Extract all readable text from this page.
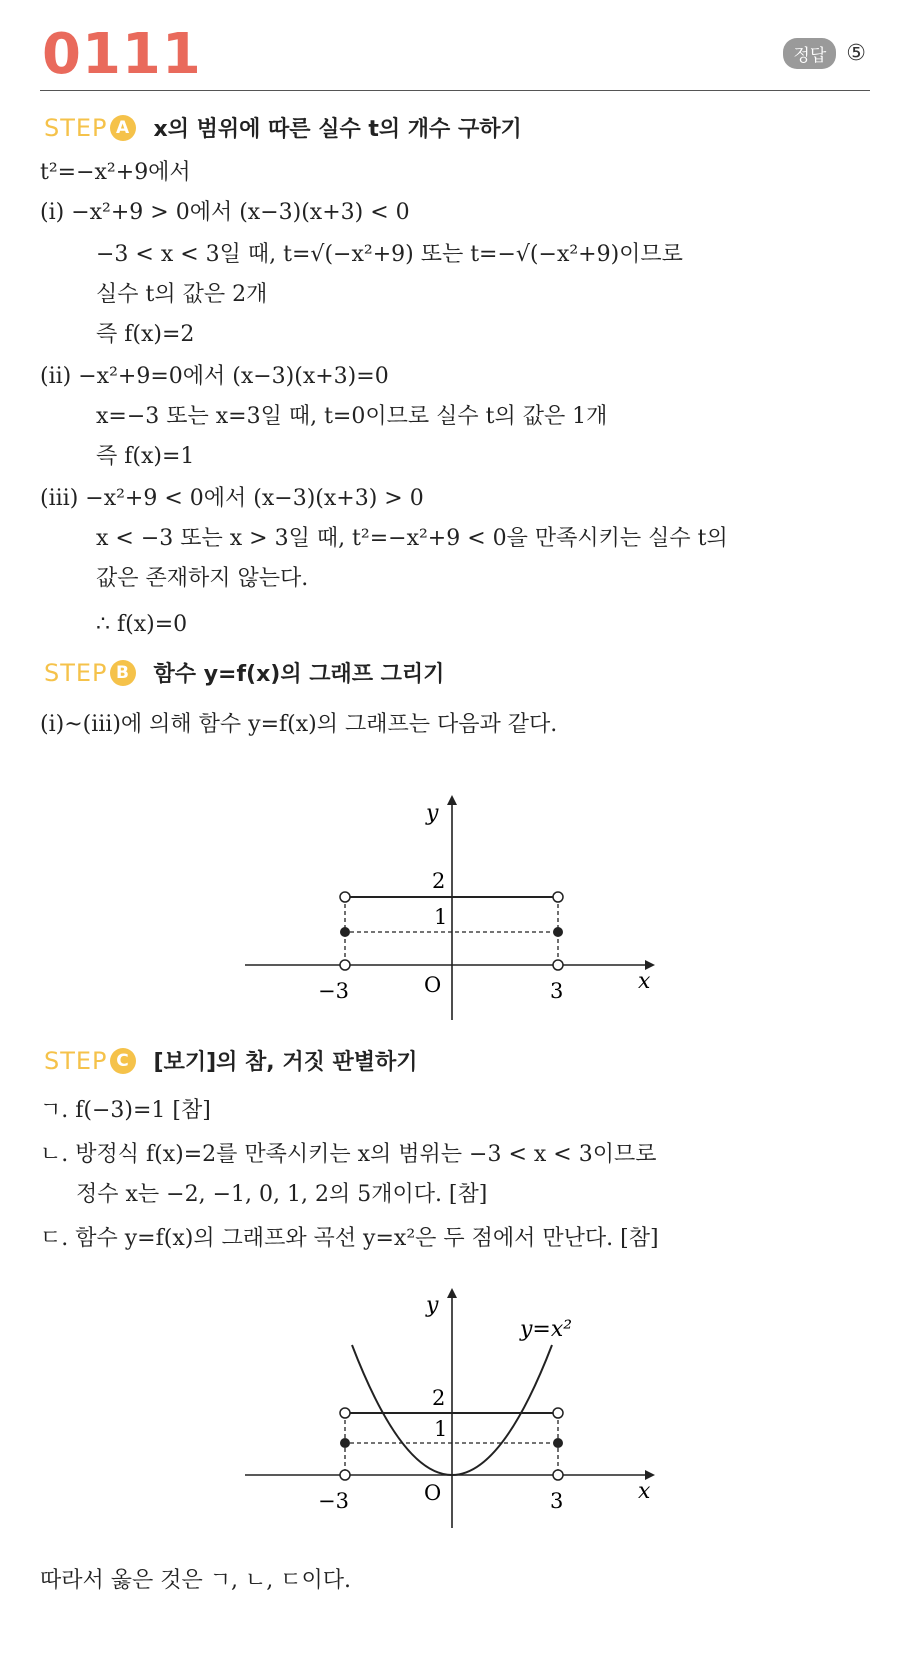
0111	정답 ⑤
STEP A x의 범위에 따른 실수 t의 개수 구하기
t²=−x²+9에서
(ⅰ) −x²+9 > 0에서 (x−3)(x+3) < 0
−3 < x < 3일 때, t=√(−x²+9) 또는 t=−√(−x²+9)이므로
실수 t의 값은 2개
즉 f(x)=2
(ⅱ) −x²+9=0에서 (x−3)(x+3)=0
x=−3 또는 x=3일 때, t=0이므로 실수 t의 값은 1개
즉 f(x)=1
(ⅲ) −x²+9 < 0에서 (x−3)(x+3) > 0
x < −3 또는 x > 3일 때, t²=−x²+9 < 0을 만족시키는 실수 t의
값은 존재하지 않는다.
∴ f(x)=0
STEP B 함수 y=f(x)의 그래프 그리기
(ⅰ)~(ⅲ)에 의해 함수 y=f(x)의 그래프는 다음과 같다.
y
x
O
−3	3
1
2
STEP C	[보기]의 참, 거짓 판별하기
ㄱ. f(−3)=1 [참]
ㄴ. 방정식 f(x)=2를 만족시키는 x의 범위는 −3 < x < 3이므로
정수 x는 −2, −1, 0, 1, 2의 5개이다. [참]
ㄷ. 함수 y=f(x)의 그래프와 곡선 y=x²은 두 점에서 만난다. [참]
y
x
y=x²
O
−3	3
1
2
따라서 옳은 것은 ㄱ, ㄴ, ㄷ이다.
